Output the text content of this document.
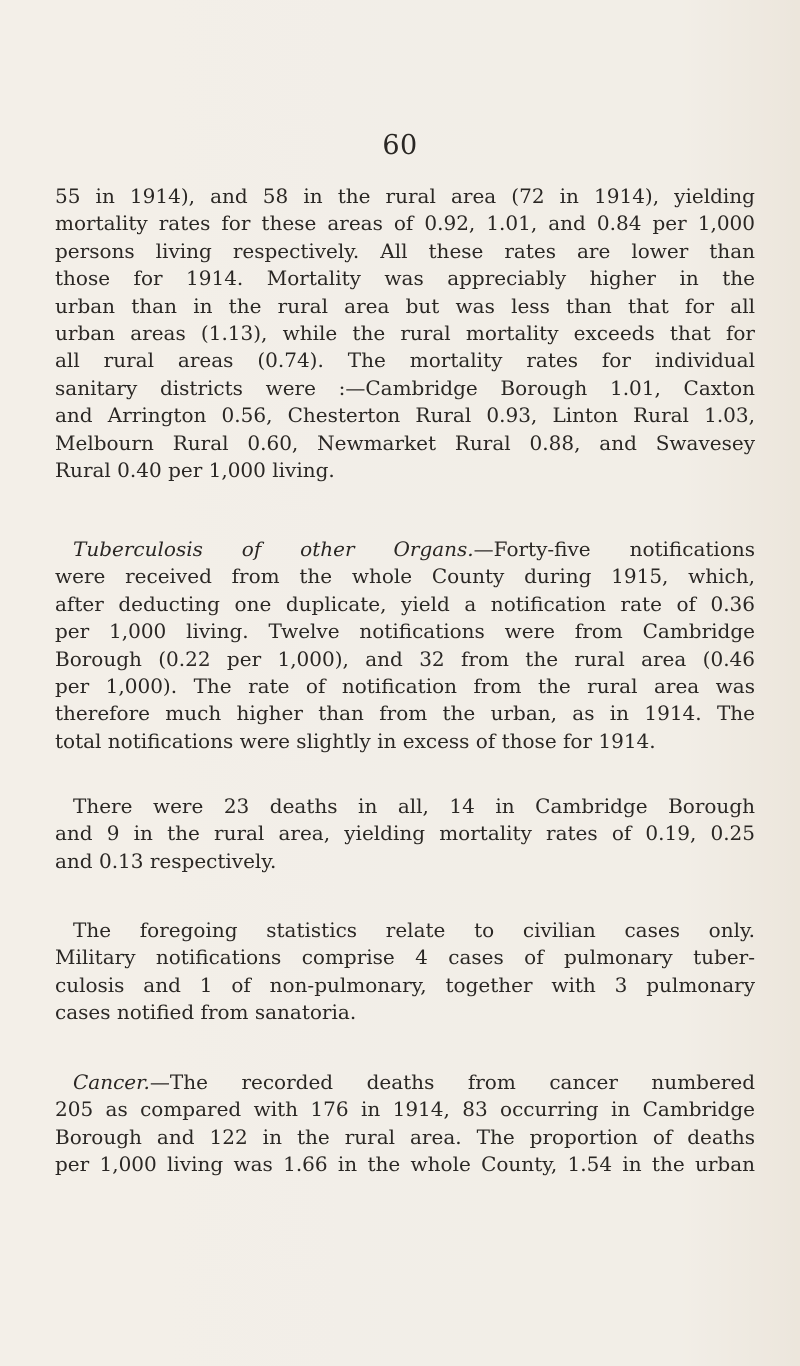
60
55 in 1914), and 58 in the rural area (72 in 1914), yielding
mortality rates for these areas of 0.92, 1.01, and 0.84 per 1,000
persons living respectively. All these rates are lower than
those for 1914. Mortality was appreciably higher in the
urban than in the rural area but was less than that for all
urban areas (1.13), while the rural mortality exceeds that for
all rural areas (0.74). The mortality rates for individual
sanitary districts were :—Cambridge Borough 1.01, Caxton
and Arrington 0.56, Chesterton Rural 0.93, Linton Rural 1.03,
Melbourn Rural 0.60, Newmarket Rural 0.88, and Swavesey
Rural 0.40 per 1,000 living.
Tuberculosis of other Organs.—Forty-five notifications
were received from the whole County during 1915, which,
after deducting one duplicate, yield a notification rate of 0.36
per 1,000 living. Twelve notifications were from Cambridge
Borough (0.22 per 1,000), and 32 from the rural area (0.46
per 1,000). The rate of notification from the rural area was
therefore much higher than from the urban, as in 1914. The
total notifications were slightly in excess of those for 1914.
There were 23 deaths in all, 14 in Cambridge Borough
and 9 in the rural area, yielding mortality rates of 0.19, 0.25
and 0.13 respectively.
The foregoing statistics relate to civilian cases only.
Military notifications comprise 4 cases of pulmonary tuber-
culosis and 1 of non-pulmonary, together with 3 pulmonary
cases notified from sanatoria.
Cancer.—The recorded deaths from cancer numbered
205 as compared with 176 in 1914, 83 occurring in Cambridge
Borough and 122 in the rural area. The proportion of deaths
per 1,000 living was 1.66 in the whole County, 1.54 in the urban
